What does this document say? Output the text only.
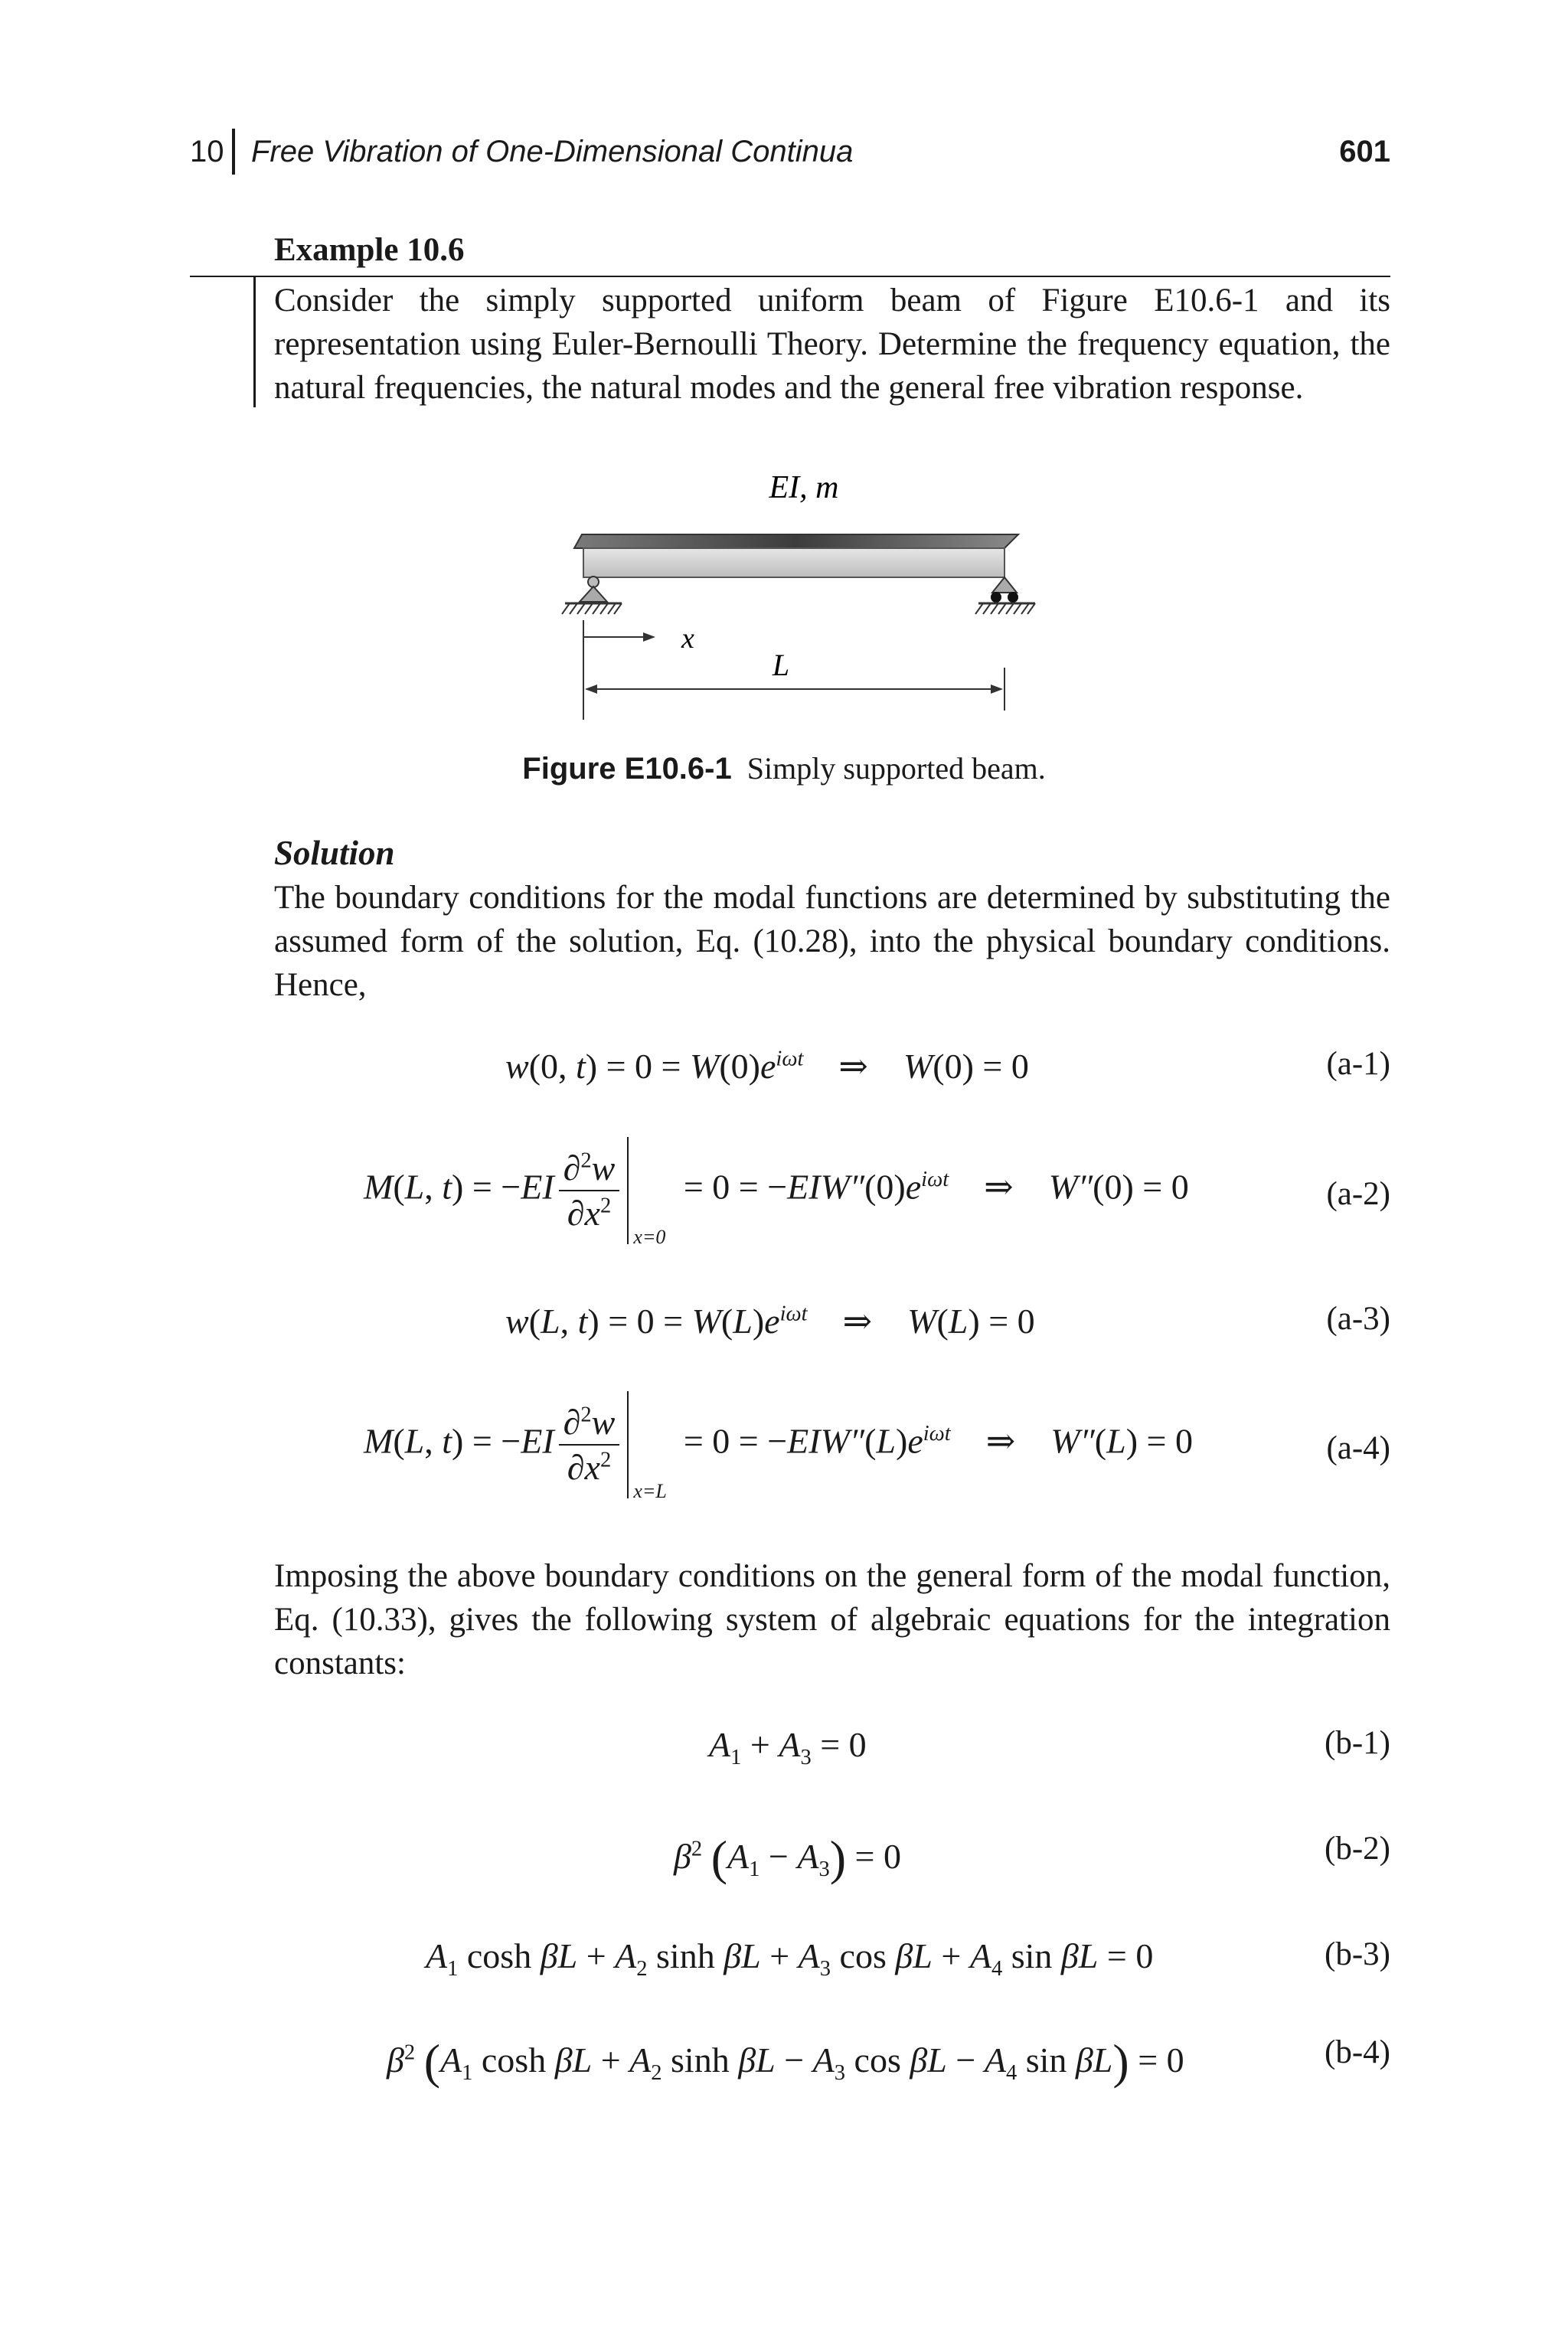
10 Free Vibration of One-Dimensional Continua	601
Example 10.6
Consider the simply supported uniform beam of Figure E10.6-1 and its representation using Euler-Bernoulli Theory. Determine the frequency equation, the natural frequencies, the natural modes and the general free vibration response.
EI, m
x
L
Figure E10.6-1 Simply supported beam.
Solution
The boundary conditions for the modal functions are determined by substituting the assumed form of the solution, Eq. (10.28), into the physical boundary conditions. Hence,
w(0, $t) = 0 = W(0)e^{i\omega t}$    ⇒    W(0) = 0	(a-1)
M(L, $t) = -EI \frac{\partial^2w}{\partial x^2}$
x=0
= $0 = -EIW''(0)e^{i\omega t}$    ⇒    W″(0) = 0	(a-2)
w(L, $t) = 0 = W(L)e^{i\omega t}$    ⇒    W(L) = 0	(a-3)
M(L, $t) = -EI \frac{\partial^2w}{\partial x^2}$
x=L
= $0 = -EIW''(L)e^{i\omega t}$    ⇒    W″(L) = 0	(a-4)
Imposing the above boundary conditions on the general form of the modal function, Eq. (10.33), gives the following system of algebraic equations for the integration constants:
$A_1 + A_3 = 0$	(b-1)
$\beta^2$ $(A_1 - A_3) = 0$	(b-2)
$A_1$ $\cosh \beta L + A_2$ $\sinh \beta L + A_3$ $\cos \beta L + A_4$ sin βL = 0	(b-3)
$\beta^2$ ($A_1$ $\cosh \beta L + A_2$ $\sinh \beta L - A_3$ $\cos \beta L - A_4$ sin βL) = 0	(b-4)
